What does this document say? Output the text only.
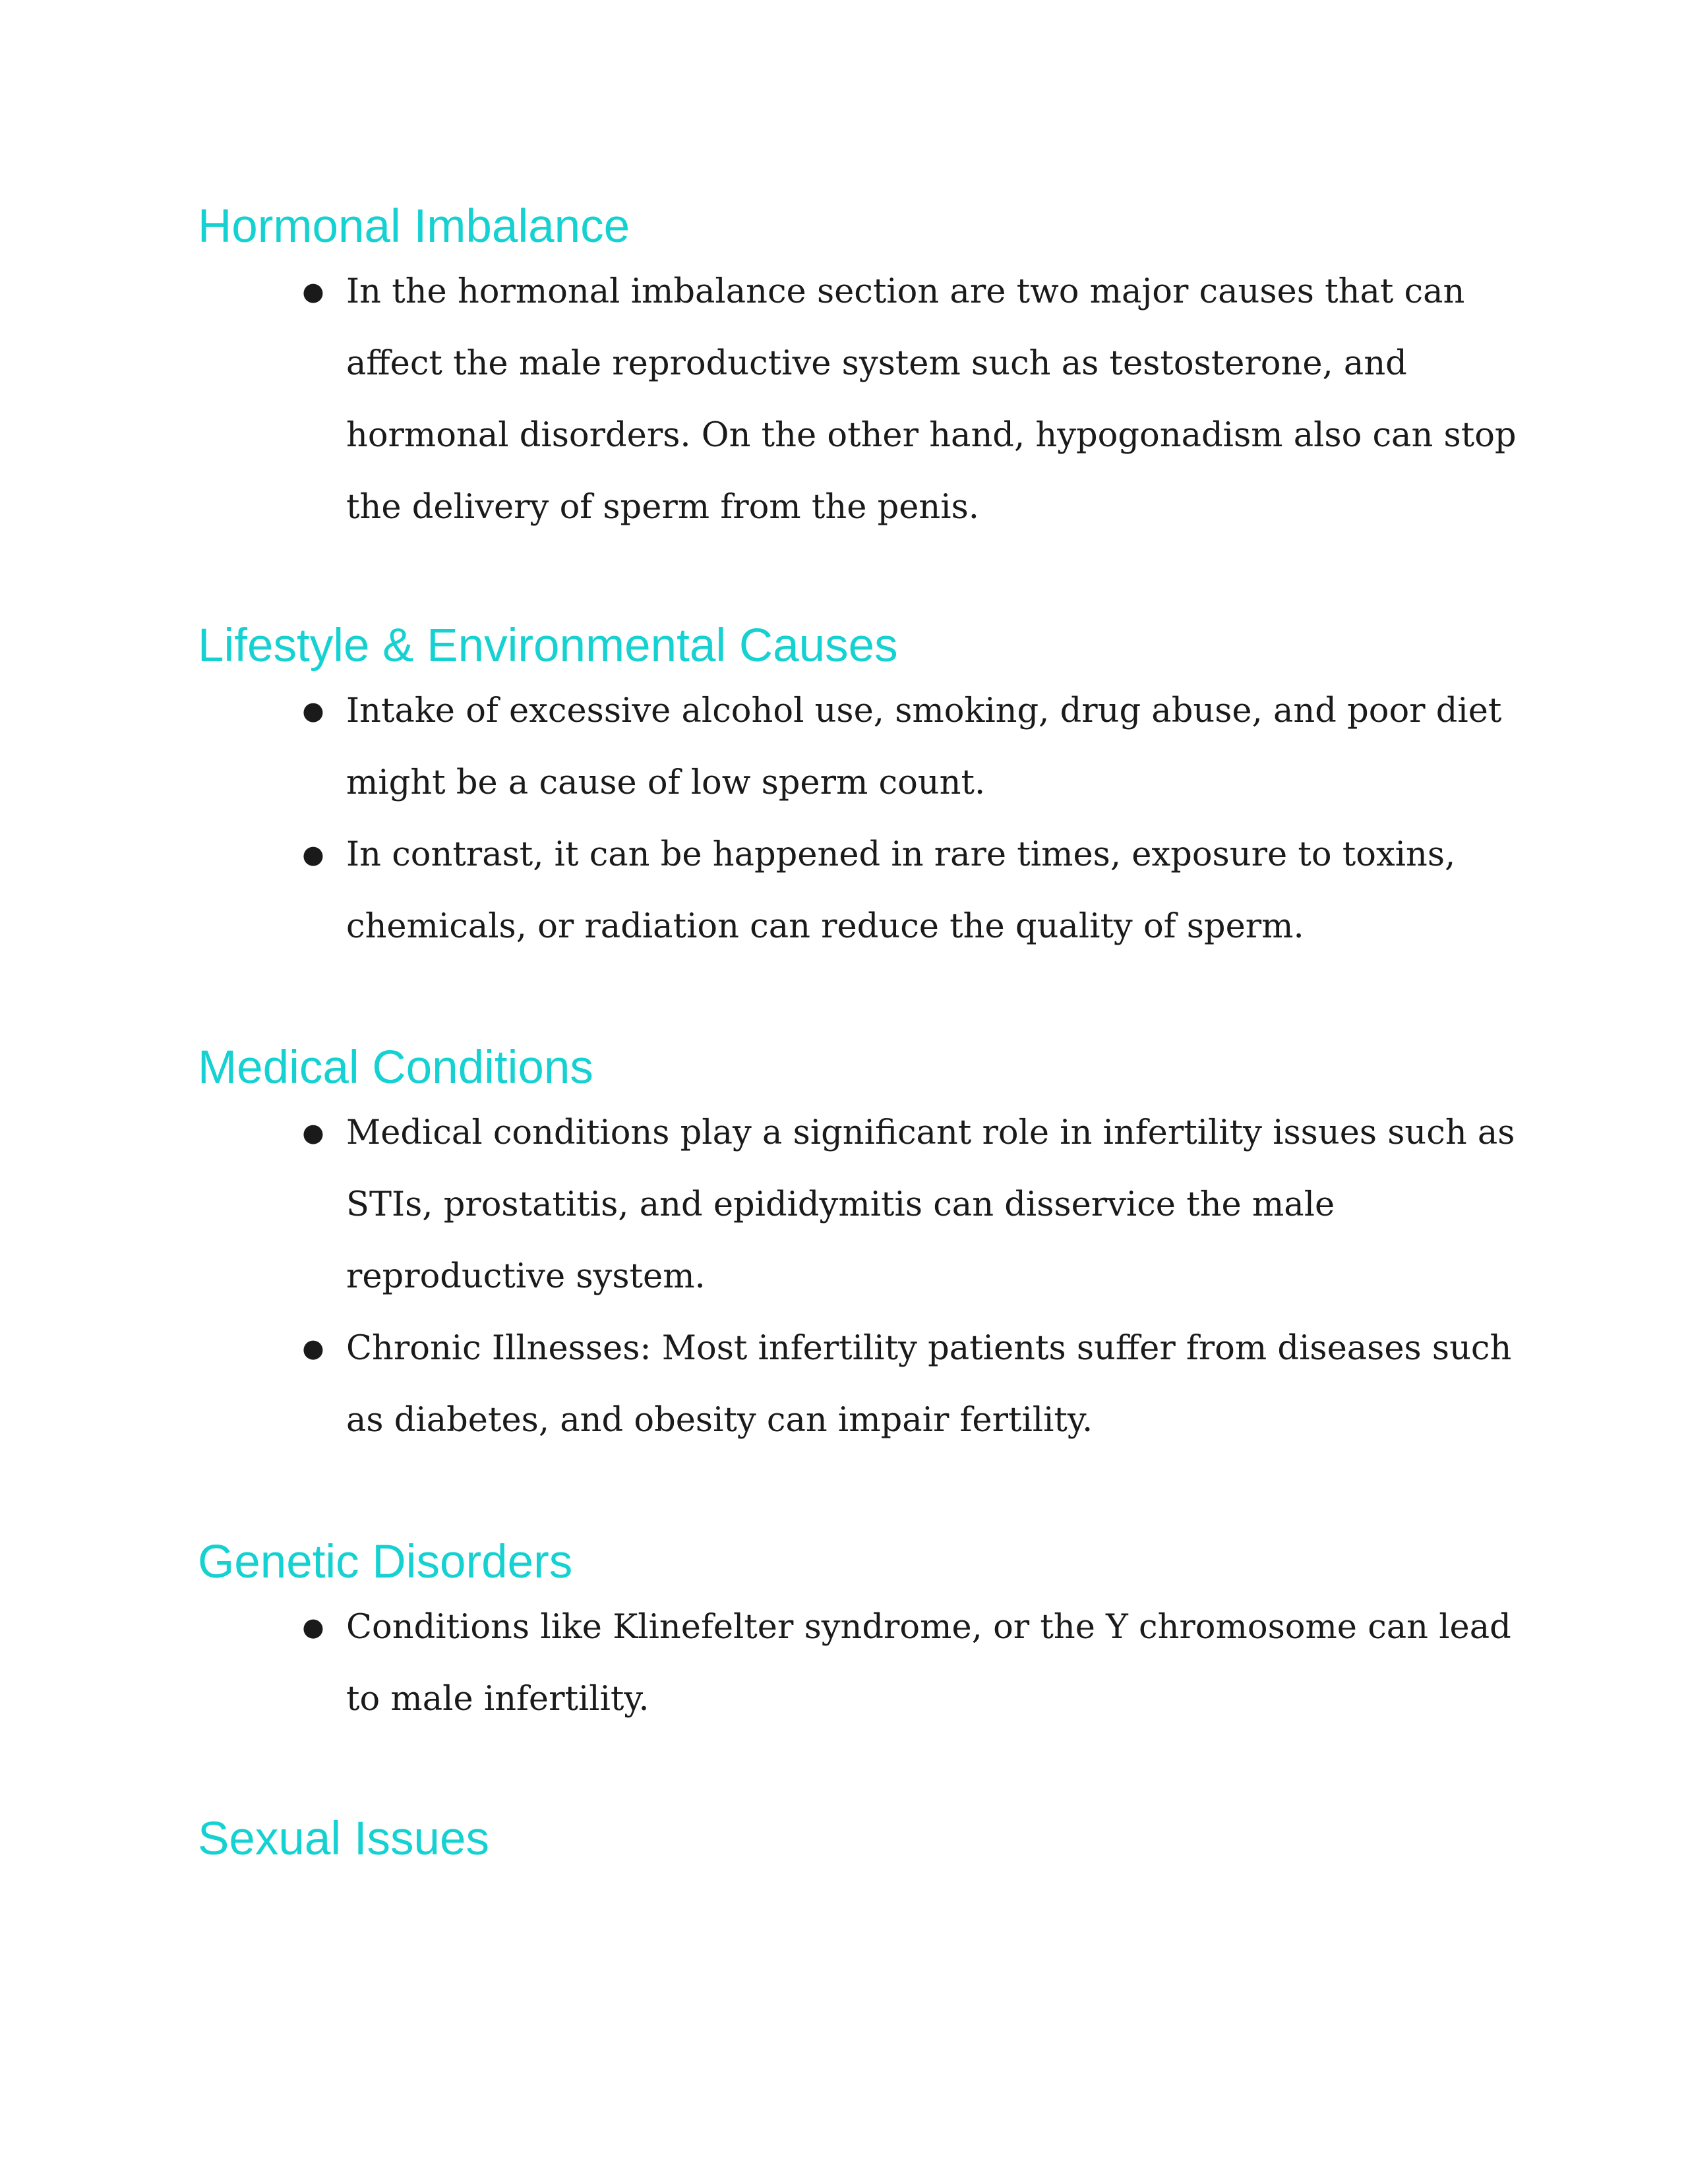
Hormonal Imbalance
● In the hormonal imbalance section are two major causes that can
affect the male reproductive system such as testosterone, and
hormonal disorders. On the other hand, hypogonadism also can stop
the delivery of sperm from the penis.
Lifestyle & Environmental Causes
● Intake of excessive alcohol use, smoking, drug abuse, and poor diet
might be a cause of low sperm count.
● In contrast, it can be happened in rare times, exposure to toxins,
chemicals, or radiation can reduce the quality of sperm.
Medical Conditions
● Medical conditions play a significant role in infertility issues such as
STIs, prostatitis, and epididymitis can disservice the male
reproductive system.
● Chronic Illnesses: Most infertility patients suffer from diseases such
as diabetes, and obesity can impair fertility.
Genetic Disorders
● Conditions like Klinefelter syndrome, or the Y chromosome can lead
to male infertility.
Sexual Issues
